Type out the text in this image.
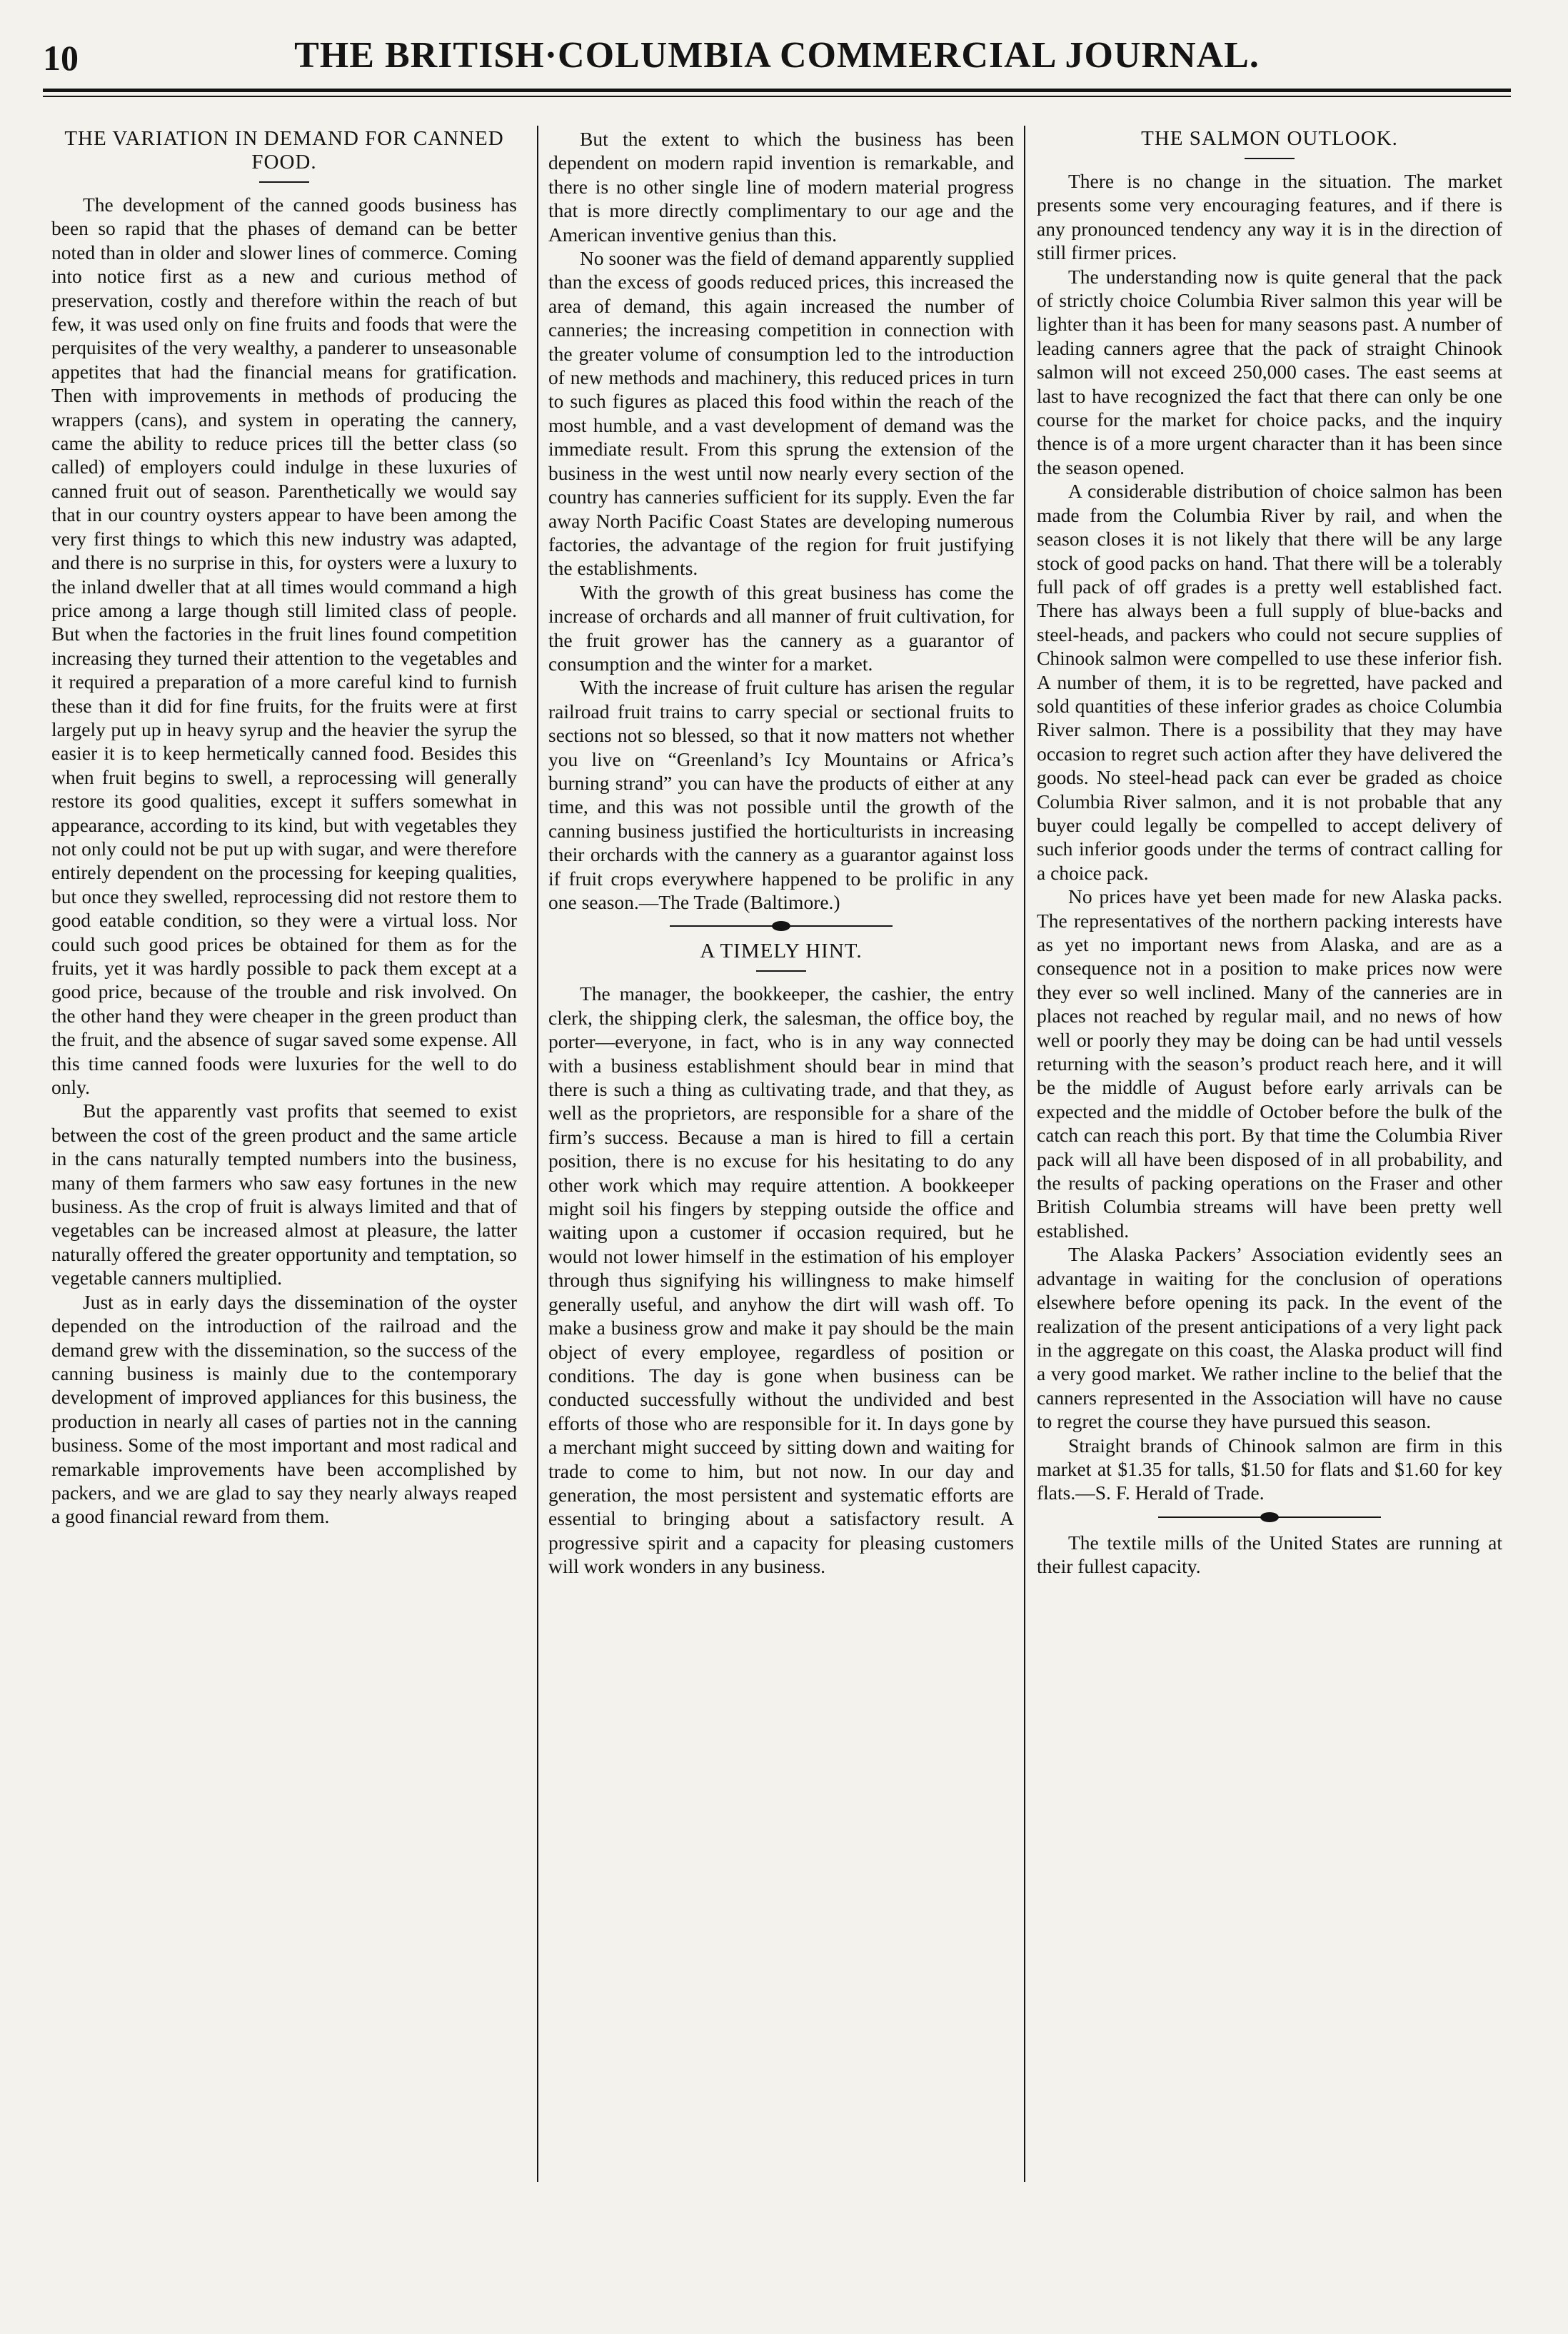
10	THE BRITISH·COLUMBIA COMMERCIAL JOURNAL.
THE VARIATION IN DEMAND FOR CANNED FOOD.

The development of the canned goods business has been so rapid that the phases of demand can be better noted than in older and slower lines of commerce. Coming into notice first as a new and curious method of preservation, costly and therefore within the reach of but few, it was used only on fine fruits and foods that were the perquisites of the very wealthy, a panderer to unseasonable appetites that had the financial means for gratification. Then with improvements in methods of producing the wrappers (cans), and system in operating the cannery, came the ability to reduce prices till the better class (so called) of employers could indulge in these luxuries of canned fruit out of season. Parenthetically we would say that in our country oysters appear to have been among the very first things to which this new industry was adapted, and there is no surprise in this, for oysters were a luxury to the inland dweller that at all times would command a high price among a large though still limited class of people. But when the factories in the fruit lines found competition increasing they turned their attention to the vegetables and it required a preparation of a more careful kind to furnish these than it did for fine fruits, for the fruits were at first largely put up in heavy syrup and the heavier the syrup the easier it is to keep hermetically canned food. Besides this when fruit begins to swell, a reprocessing will generally restore its good qualities, except it suffers somewhat in appearance, according to its kind, but with vegetables they not only could not be put up with sugar, and were therefore entirely dependent on the processing for keeping qualities, but once they swelled, reprocessing did not restore them to good eatable condition, so they were a virtual loss. Nor could such good prices be obtained for them as for the fruits, yet it was hardly possible to pack them except at a good price, because of the trouble and risk involved. On the other hand they were cheaper in the green product than the fruit, and the absence of sugar saved some expense. All this time canned foods were luxuries for the well to do only.

But the apparently vast profits that seemed to exist between the cost of the green product and the same article in the cans naturally tempted numbers into the business, many of them farmers who saw easy fortunes in the new business. As the crop of fruit is always limited and that of vegetables can be increased almost at pleasure, the latter naturally offered the greater opportunity and temptation, so vegetable canners multiplied.

Just as in early days the dissemination of the oyster depended on the introduction of the railroad and the demand grew with the dissemination, so the success of the canning business is mainly due to the contemporary development of improved appliances for this business, the production in nearly all cases of parties not in the canning business. Some of the most important and most radical and remarkable improvements have been accomplished by packers, and we are glad to say they nearly always reaped a good financial reward from them.

But the extent to which the business has been dependent on modern rapid invention is remarkable, and there is no other single line of modern material progress that is more directly complimentary to our age and the American inventive genius than this.

No sooner was the field of demand apparently supplied than the excess of goods reduced prices, this increased the area of demand, this again increased the number of canneries; the increasing competition in connection with the greater volume of consumption led to the introduction of new methods and machinery, this reduced prices in turn to such figures as placed this food within the reach of the most humble, and a vast development of demand was the immediate result. From this sprung the extension of the business in the west until now nearly every section of the country has canneries sufficient for its supply. Even the far away North Pacific Coast States are developing numerous factories, the advantage of the region for fruit justifying the establishments.

With the growth of this great business has come the increase of orchards and all manner of fruit cultivation, for the fruit grower has the cannery as a guarantor of consumption and the winter for a market.

With the increase of fruit culture has arisen the regular railroad fruit trains to carry special or sectional fruits to sections not so blessed, so that it now matters not whether you live on “Greenland’s Icy Mountains or Africa’s burning strand” you can have the products of either at any time, and this was not possible until the growth of the canning business justified the horticulturists in increasing their orchards with the cannery as a guarantor against loss if fruit crops everywhere happened to be prolific in any one season.—The Trade (Baltimore.)

A TIMELY HINT.

The manager, the bookkeeper, the cashier, the entry clerk, the shipping clerk, the salesman, the office boy, the porter—everyone, in fact, who is in any way connected with a business establishment should bear in mind that there is such a thing as cultivating trade, and that they, as well as the proprietors, are responsible for a share of the firm’s success. Because a man is hired to fill a certain position, there is no excuse for his hesitating to do any other work which may require attention. A bookkeeper might soil his fingers by stepping outside the office and waiting upon a customer if occasion required, but he would not lower himself in the estimation of his employer through thus signifying his willingness to make himself generally useful, and anyhow the dirt will wash off. To make a business grow and make it pay should be the main object of every employee, regardless of position or conditions. The day is gone when business can be conducted successfully without the undivided and best efforts of those who are responsible for it. In days gone by a merchant might succeed by sitting down and waiting for trade to come to him, but not now. In our day and generation, the most persistent and systematic efforts are essential to bringing about a satisfactory result. A progressive spirit and a capacity for pleasing customers will work wonders in any business.

THE SALMON OUTLOOK.

There is no change in the situation. The market presents some very encouraging features, and if there is any pronounced tendency any way it is in the direction of still firmer prices.

The understanding now is quite general that the pack of strictly choice Columbia River salmon this year will be lighter than it has been for many seasons past. A number of leading canners agree that the pack of straight Chinook salmon will not exceed 250,000 cases. The east seems at last to have recognized the fact that there can only be one course for the market for choice packs, and the inquiry thence is of a more urgent character than it has been since the season opened.

A considerable distribution of choice salmon has been made from the Columbia River by rail, and when the season closes it is not likely that there will be any large stock of good packs on hand. That there will be a tolerably full pack of off grades is a pretty well established fact. There has always been a full supply of blue-backs and steel-heads, and packers who could not secure supplies of Chinook salmon were compelled to use these inferior fish. A number of them, it is to be regretted, have packed and sold quantities of these inferior grades as choice Columbia River salmon. There is a possibility that they may have occasion to regret such action after they have delivered the goods. No steel-head pack can ever be graded as choice Columbia River salmon, and it is not probable that any buyer could legally be compelled to accept delivery of such inferior goods under the terms of contract calling for a choice pack.

No prices have yet been made for new Alaska packs. The representatives of the northern packing interests have as yet no important news from Alaska, and are as a consequence not in a position to make prices now were they ever so well inclined. Many of the canneries are in places not reached by regular mail, and no news of how well or poorly they may be doing can be had until vessels returning with the season’s product reach here, and it will be the middle of August before early arrivals can be expected and the middle of October before the bulk of the catch can reach this port. By that time the Columbia River pack will all have been disposed of in all probability, and the results of packing operations on the Fraser and other British Columbia streams will have been pretty well established.

The Alaska Packers’ Association evidently sees an advantage in waiting for the conclusion of operations elsewhere before opening its pack. In the event of the realization of the present anticipations of a very light pack in the aggregate on this coast, the Alaska product will find a very good market. We rather incline to the belief that the canners represented in the Association will have no cause to regret the course they have pursued this season.

Straight brands of Chinook salmon are firm in this market at $1.35 for talls, $1.50 for flats and $1.60 for key flats.—S. F. Herald of Trade.

The textile mills of the United States are running at their fullest capacity.
